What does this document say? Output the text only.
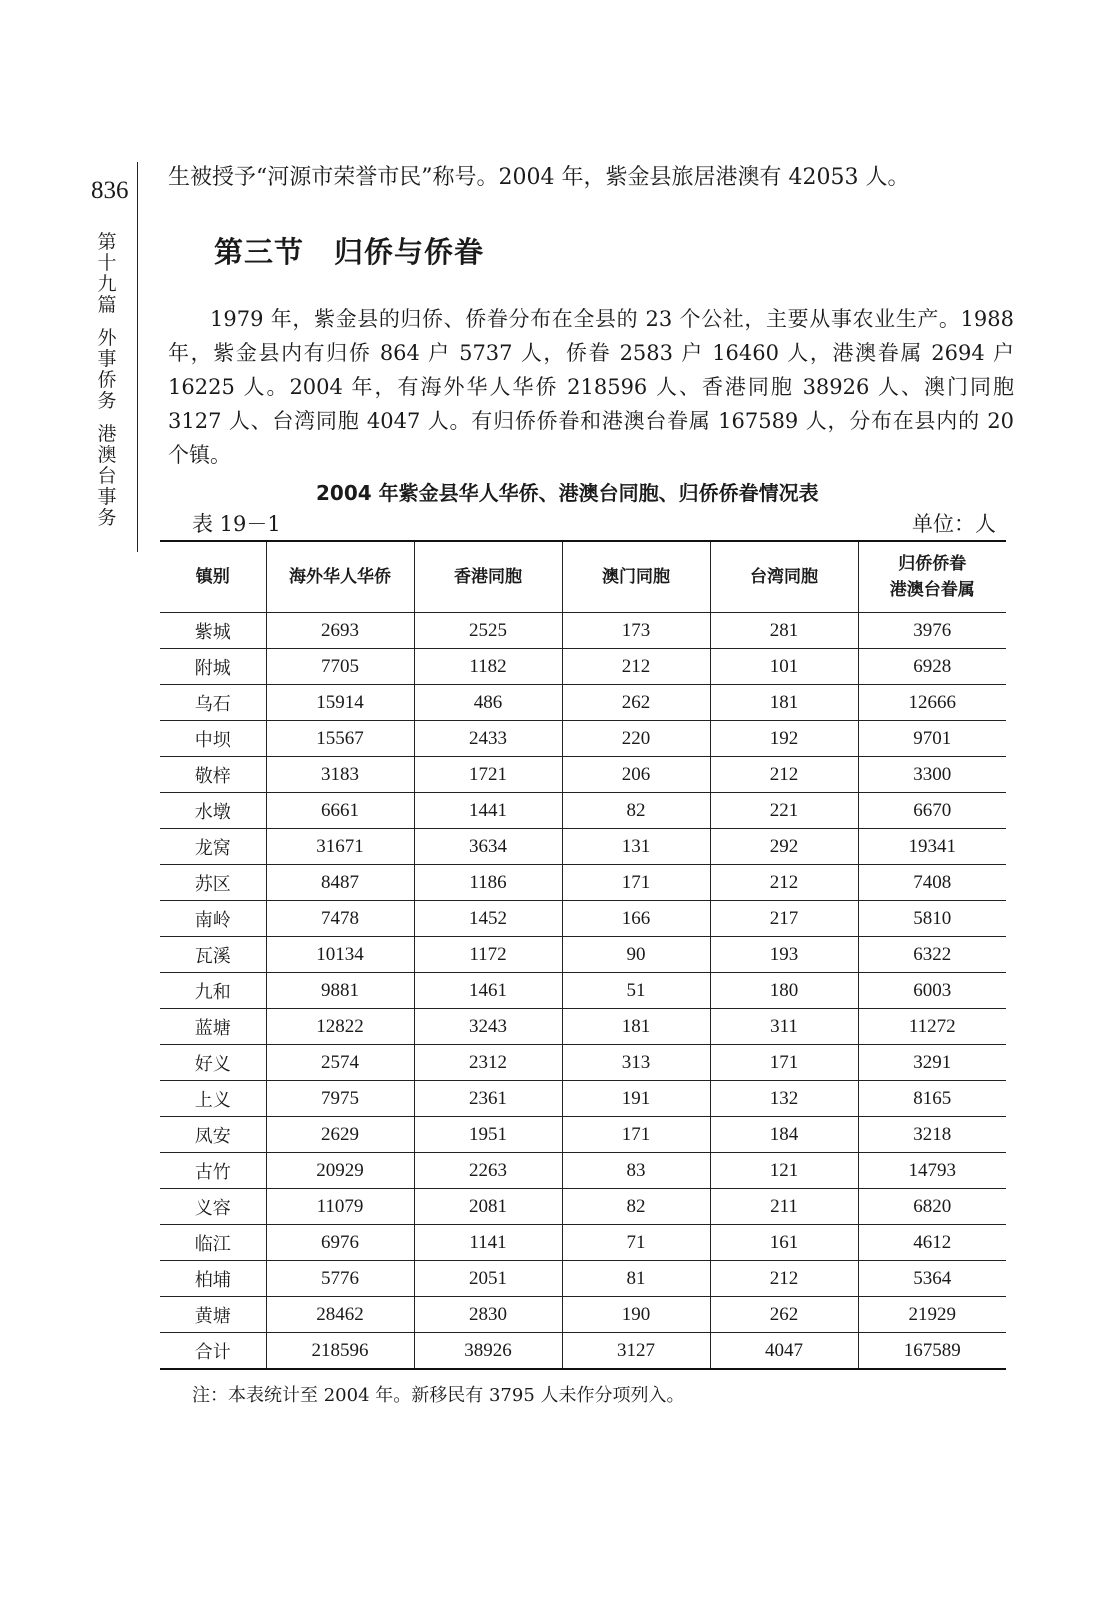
836
第十九篇
外事侨务
港澳台事务
生被授予“河源市荣誉市民”称号。2004 年，紫金县旅居港澳有 42053 人。
第三节 归侨与侨眷
1979 年，紫金县的归侨、侨眷分布在全县的 23 个公社，主要从事农业生产。1988 年，紫金县内有归侨 864 户 5737 人，侨眷 2583 户 16460 人，港澳眷属 2694 户 16225 人。2004 年，有海外华人华侨 218596 人、香港同胞 38926 人、澳门同胞 3127 人、台湾同胞 4047 人。有归侨侨眷和港澳台眷属 167589 人，分布在县内的 20 个镇。
2004 年紫金县华人华侨、港澳台同胞、归侨侨眷情况表
表 19－1	单位：人
镇别	海外华人华侨	香港同胞	澳门同胞	台湾同胞	归侨侨眷
港澳台眷属

紫城	2693	2525	173	281	3976
附城	7705	1182	212	101	6928
乌石	15914	486	262	181	12666
中坝	15567	2433	220	192	9701
敬梓	3183	1721	206	212	3300
水墩	6661	1441	82	221	6670
龙窝	31671	3634	131	292	19341
苏区	8487	1186	171	212	7408
南岭	7478	1452	166	217	5810
瓦溪	10134	1172	90	193	6322
九和	9881	1461	51	180	6003
蓝塘	12822	3243	181	311	11272
好义	2574	2312	313	171	3291
上义	7975	2361	191	132	8165
凤安	2629	1951	171	184	3218
古竹	20929	2263	83	121	14793
义容	11079	2081	82	211	6820
临江	6976	1141	71	161	4612
柏埔	5776	2051	81	212	5364
黄塘	28462	2830	190	262	21929
合计	218596	38926	3127	4047	167589
注：本表统计至 2004 年。新移民有 3795 人未作分项列入。
